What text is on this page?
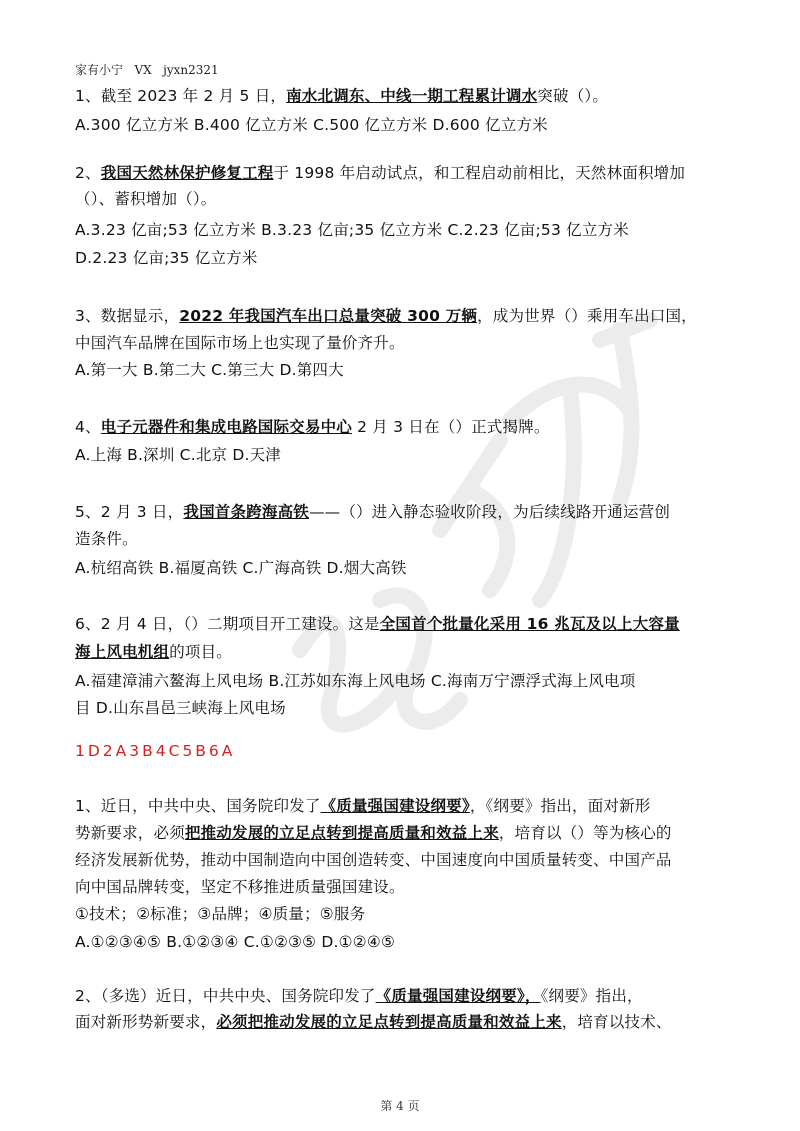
家有小宁   VX   jyxn2321
1、截至 2023 年 2 月 5 日，南水北调东、中线一期工程累计调水突破（）。
A.300 亿立方米 B.400 亿立方米 C.500 亿立方米 D.600 亿立方米
2、我国天然林保护修复工程于 1998 年启动试点，和工程启动前相比，天然林面积增加
（）、蓄积增加（）。
A.3.23 亿亩;53 亿立方米 B.3.23 亿亩;35 亿立方米 C.2.23 亿亩;53 亿立方米
D.2.23 亿亩;35 亿立方米
3、数据显示，2022 年我国汽车出口总量突破 300 万辆，成为世界（）乘用车出口国，
中国汽车品牌在国际市场上也实现了量价齐升。
A.第一大 B.第二大 C.第三大 D.第四大
4、电子元器件和集成电路国际交易中心 2 月 3 日在（）正式揭牌。
A.上海 B.深圳 C.北京 D.天津
5、2 月 3 日，我国首条跨海高铁——（）进入静态验收阶段，为后续线路开通运营创
造条件。
A.杭绍高铁 B.福厦高铁 C.广海高铁 D.烟大高铁
6、2 月 4 日，（）二期项目开工建设。这是全国首个批量化采用 16 兆瓦及以上大容量
海上风电机组的项目。
A.福建漳浦六鳌海上风电场 B.江苏如东海上风电场 C.海南万宁漂浮式海上风电项
目 D.山东昌邑三峡海上风电场
1D2A3B4C5B6A
1、近日，中共中央、国务院印发了《质量强国建设纲要》，《纲要》指出，面对新形
势新要求，必须把推动发展的立足点转到提高质量和效益上来，培育以（）等为核心的
经济发展新优势，推动中国制造向中国创造转变、中国速度向中国质量转变、中国产品
向中国品牌转变，坚定不移推进质量强国建设。
①技术；②标准；③品牌；④质量；⑤服务
A.①②③④⑤ B.①②③④ C.①②③⑤ D.①②④⑤
2、（多选）近日，中共中央、国务院印发了《质量强国建设纲要》，《纲要》指出，
面对新形势新要求，必须把推动发展的立足点转到提高质量和效益上来，培育以技术、
第 4 页
